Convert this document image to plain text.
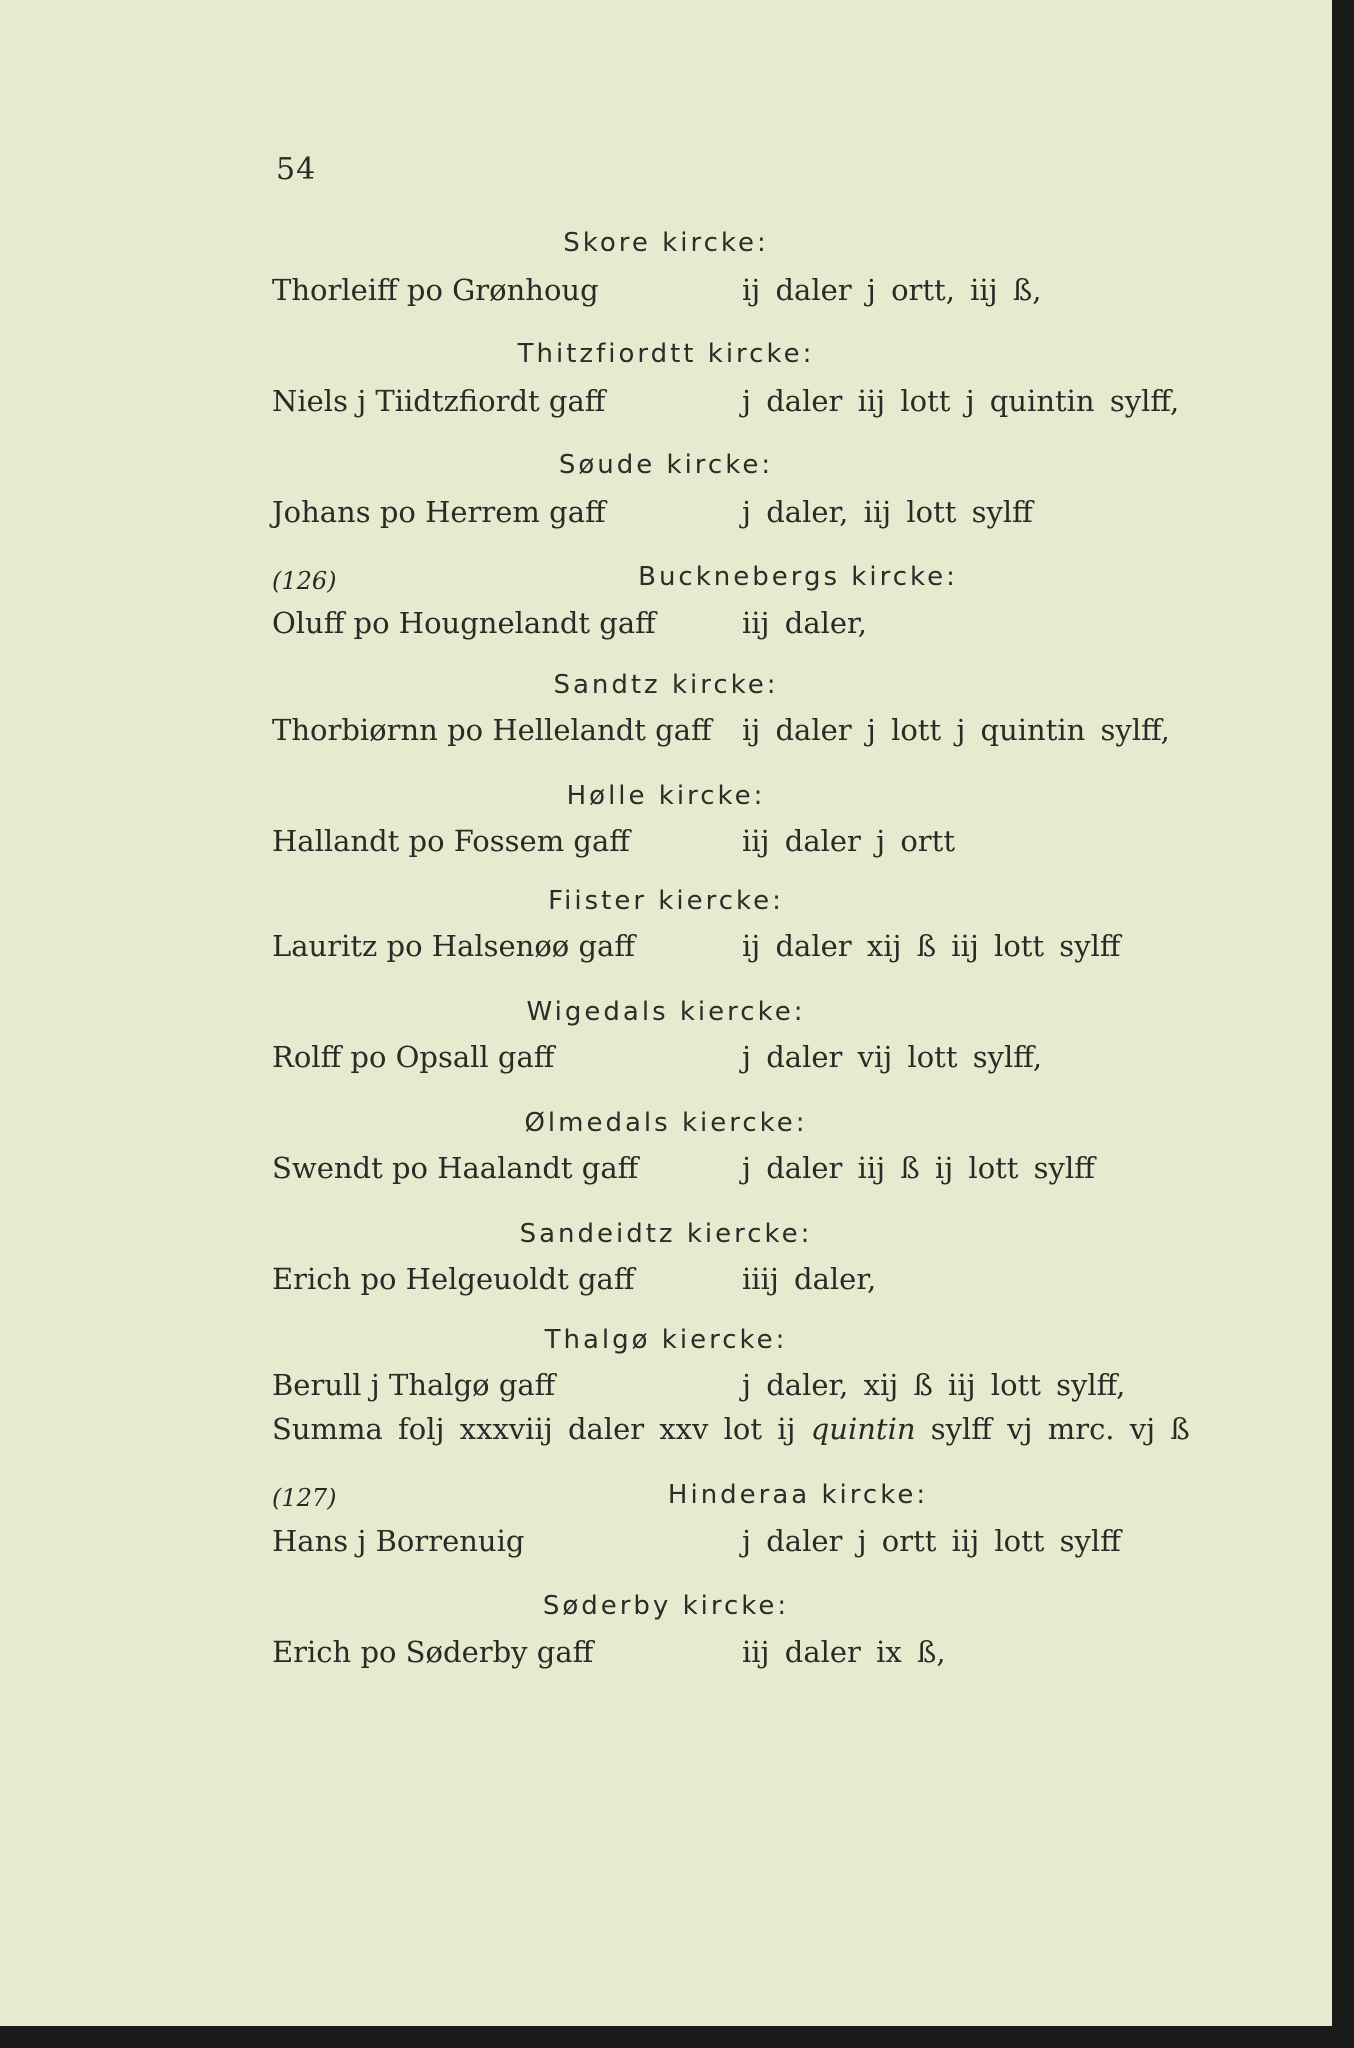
54
Skore kircke:
Thorleiff po Grønhoug	ij daler j ortt, iij ß,
Thitzfiordtt kircke:
Niels j Tiidtzfiordt gaff	j daler iij lott j quintin sylff,
Søude kircke:
Johans po Herrem gaff	j daler, iij lott sylff
(126)	Bucknebergs kircke:
Oluff po Hougnelandt gaff	iij daler,
Sandtz kircke:
Thorbiørnn po Hellelandt gaff ij daler j lott j quintin sylff,
Hølle kircke:
Hallandt po Fossem gaff	iij daler j ortt
Fiister kiercke:
Lauritz po Halsenøø gaff	ij daler xij ß iij lott sylff
Wigedals kiercke:
Rolff po Opsall gaff	j daler vij lott sylff,
Ølmedals kiercke:
Swendt po Haalandt gaff	j daler iij ß ij lott sylff
Sandeidtz kiercke:
Erich po Helgeuoldt gaff	iiij daler,
Thalgø kiercke:
Berull j Thalgø gaff	j daler, xij ß iij lott sylff,
Summa folj xxxviij daler xxv lot ij quintin sylff vj mrc. vj ß
(127)	Hinderaa kircke:
Hans j Borrenuig	j daler j ortt iij lott sylff
Søderby kircke:
Erich po Søderby gaff	iij daler ix ß,
